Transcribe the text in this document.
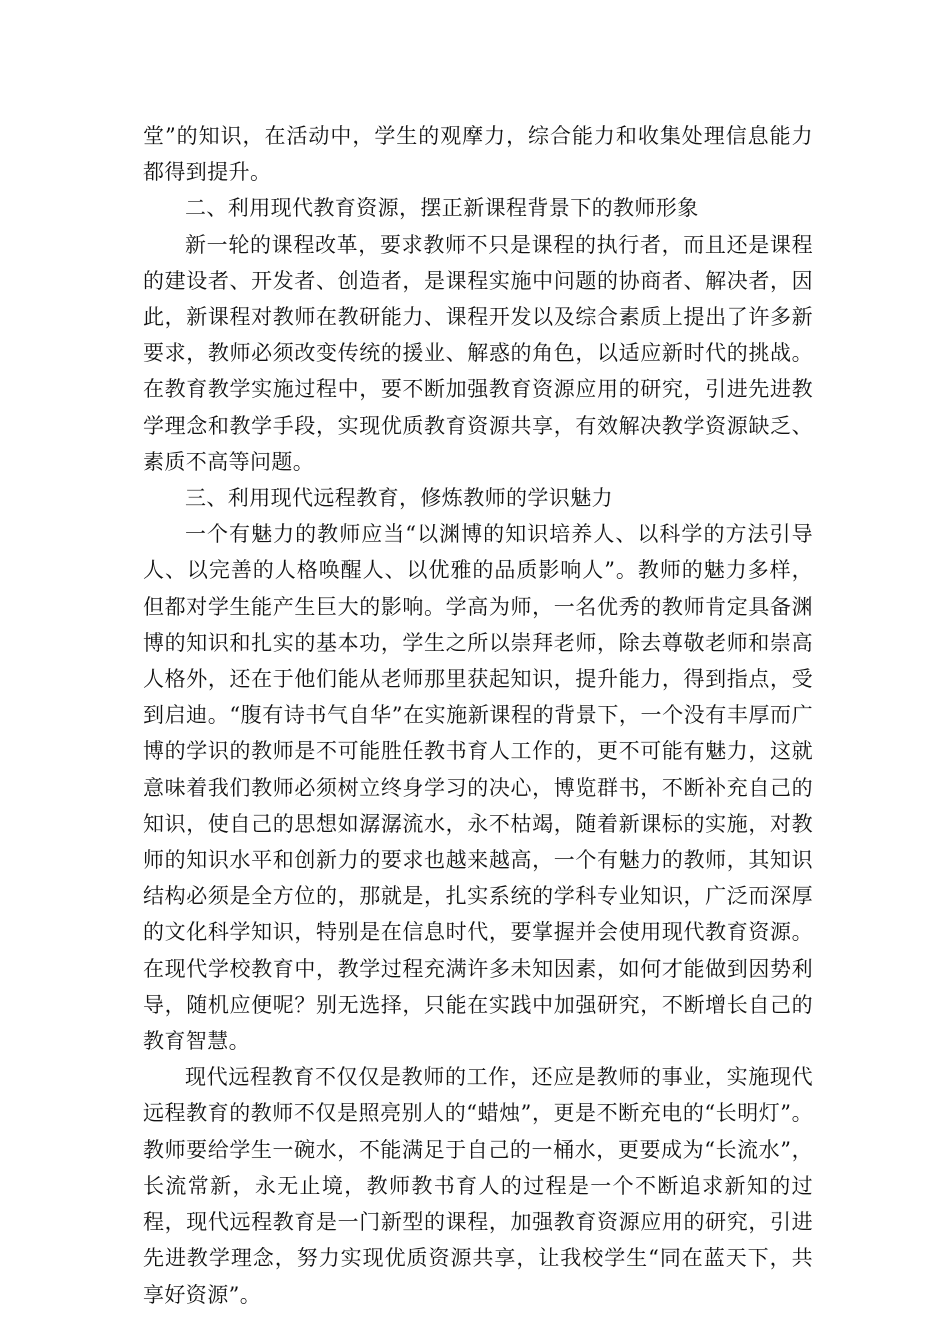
堂”的知识，在活动中，学生的观摩力，综合能力和收集处理信息能力都得到提升。

二、利用现代教育资源，摆正新课程背景下的教师形象

新一轮的课程改革，要求教师不只是课程的执行者，而且还是课程的建设者、开发者、创造者，是课程实施中问题的协商者、解决者，因此，新课程对教师在教研能力、课程开发以及综合素质上提出了许多新要求，教师必须改变传统的援业、解惑的角色，以适应新时代的挑战。在教育教学实施过程中，要不断加强教育资源应用的研究，引进先进教学理念和教学手段，实现优质教育资源共享，有效解决教学资源缺乏、素质不高等问题。

三、利用现代远程教育，修炼教师的学识魅力

一个有魅力的教师应当“以渊博的知识培养人、以科学的方法引导人、以完善的人格唤醒人、以优雅的品质影响人”。教师的魅力多样，但都对学生能产生巨大的影响。学高为师，一名优秀的教师肯定具备渊博的知识和扎实的基本功，学生之所以崇拜老师，除去尊敬老师和崇高人格外，还在于他们能从老师那里获起知识，提升能力，得到指点，受到启迪。“腹有诗书气自华”在实施新课程的背景下，一个没有丰厚而广博的学识的教师是不可能胜任教书育人工作的，更不可能有魅力，这就意味着我们教师必须树立终身学习的决心，博览群书，不断补充自己的知识，使自己的思想如潺潺流水，永不枯竭，随着新课标的实施，对教师的知识水平和创新力的要求也越来越高，一个有魅力的教师，其知识结构必须是全方位的，那就是，扎实系统的学科专业知识，广泛而深厚的文化科学知识，特别是在信息时代，要掌握并会使用现代教育资源。在现代学校教育中，教学过程充满许多未知因素，如何才能做到因势利导，随机应便呢？别无选择，只能在实践中加强研究，不断增长自己的教育智慧。

现代远程教育不仅仅是教师的工作，还应是教师的事业，实施现代远程教育的教师不仅是照亮别人的“蜡烛”，更是不断充电的“长明灯”。教师要给学生一碗水，不能满足于自己的一桶水，更要成为“长流水”，长流常新，永无止境，教师教书育人的过程是一个不断追求新知的过程，现代远程教育是一门新型的课程，加强教育资源应用的研究，引进先进教学理念，努力实现优质资源共享，让我校学生“同在蓝天下，共享好资源”。
